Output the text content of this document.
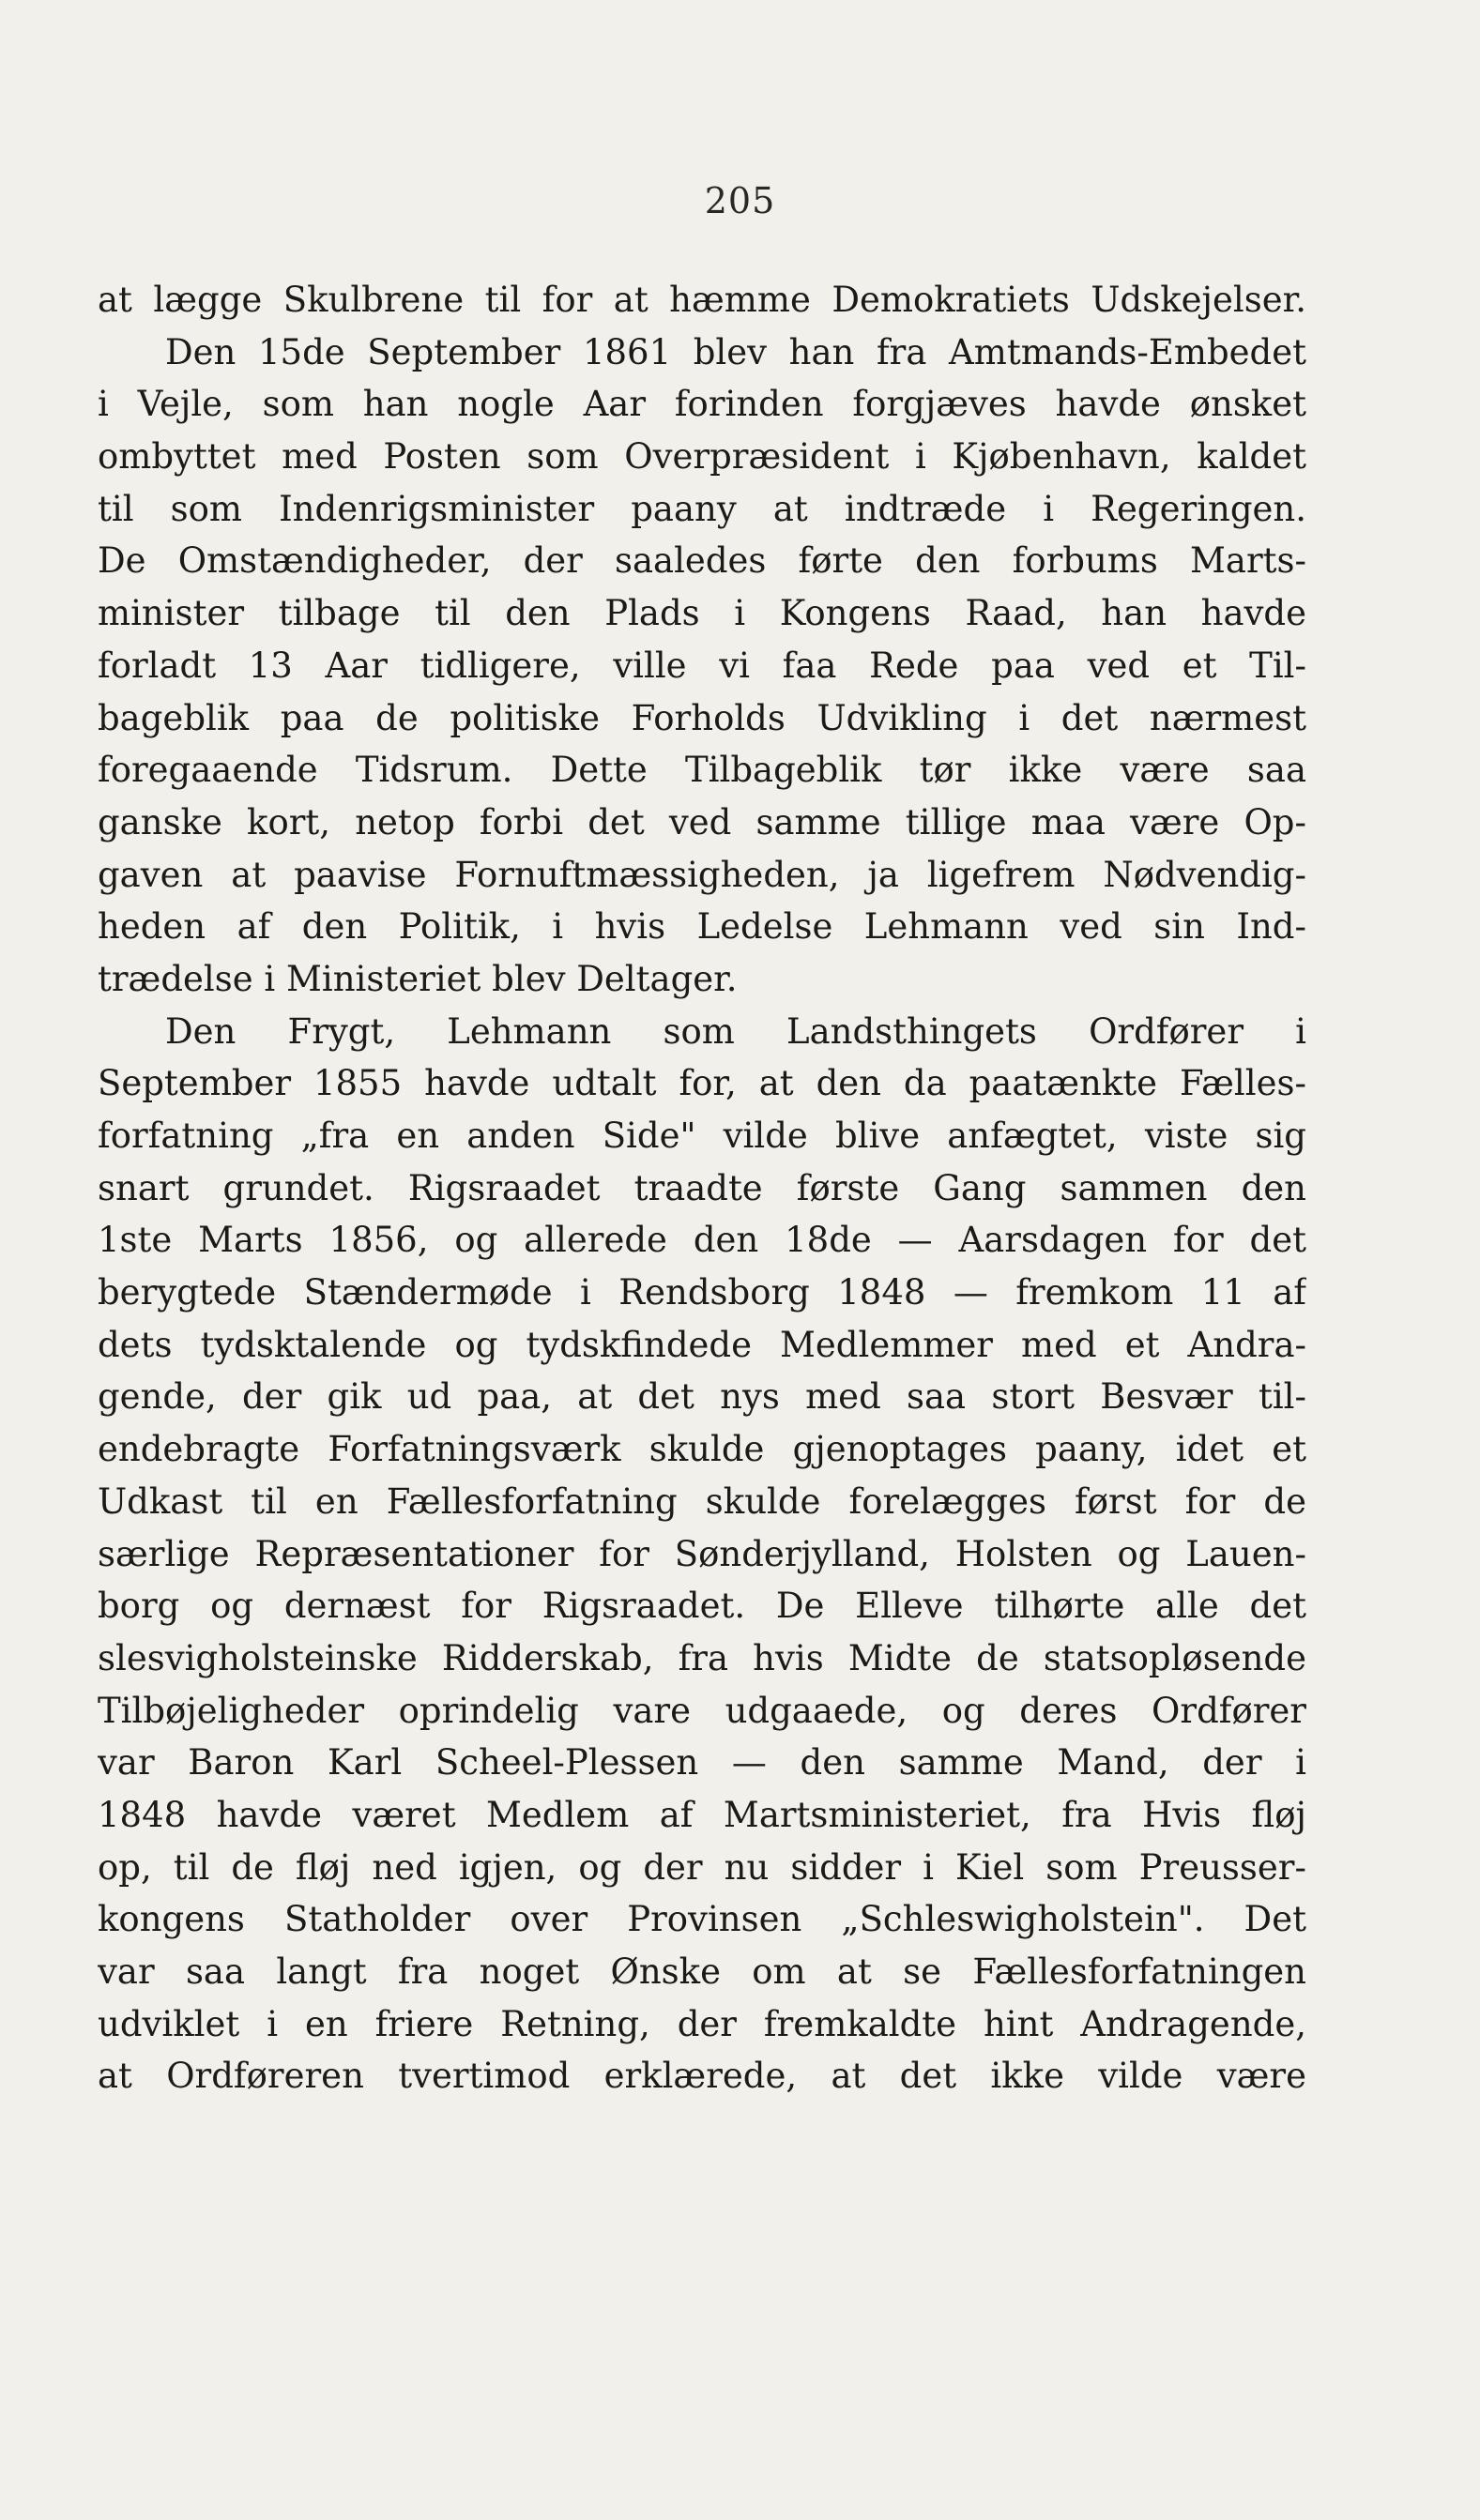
205
at lægge Skulbrene til for at hæmme Demokratiets Udskejelser.
Den 15de September 1861 blev han fra Amtmands-Embedet
i Vejle, som han nogle Aar forinden forgjæves havde ønsket
ombyttet med Posten som Overpræsident i Kjøbenhavn, kaldet
til som Indenrigsminister paany at indtræde i Regeringen.
De Omstændigheder, der saaledes førte den forbums Marts-
minister tilbage til den Plads i Kongens Raad, han havde
forladt 13 Aar tidligere, ville vi faa Rede paa ved et Til-
bageblik paa de politiske Forholds Udvikling i det nærmest
foregaaende Tidsrum. Dette Tilbageblik tør ikke være saa
ganske kort, netop forbi det ved samme tillige maa være Op-
gaven at paavise Fornuftmæssigheden, ja ligefrem Nødvendig-
heden af den Politik, i hvis Ledelse Lehmann ved sin Ind-
trædelse i Ministeriet blev Deltager.
Den Frygt, Lehmann som Landsthingets Ordfører i
September 1855 havde udtalt for, at den da paatænkte Fælles-
forfatning „fra en anden Side" vilde blive anfægtet, viste sig
snart grundet. Rigsraadet traadte første Gang sammen den
1ste Marts 1856, og allerede den 18de — Aarsdagen for det
berygtede Stændermøde i Rendsborg 1848 — fremkom 11 af
dets tydsktalende og tydskfindede Medlemmer med et Andra-
gende, der gik ud paa, at det nys med saa stort Besvær til-
endebragte Forfatningsværk skulde gjenoptages paany, idet et
Udkast til en Fællesforfatning skulde forelægges først for de
særlige Repræsentationer for Sønderjylland, Holsten og Lauen-
borg og dernæst for Rigsraadet. De Elleve tilhørte alle det
slesvigholsteinske Ridderskab, fra hvis Midte de statsopløsende
Tilbøjeligheder oprindelig vare udgaaede, og deres Ordfører
var Baron Karl Scheel-Plessen — den samme Mand, der i
1848 havde været Medlem af Martsministeriet, fra Hvis fløj
op, til de fløj ned igjen, og der nu sidder i Kiel som Preusser-
kongens Statholder over Provinsen „Schleswigholstein". Det
var saa langt fra noget Ønske om at se Fællesforfatningen
udviklet i en friere Retning, der fremkaldte hint Andragende,
at Ordføreren tvertimod erklærede, at det ikke vilde være
